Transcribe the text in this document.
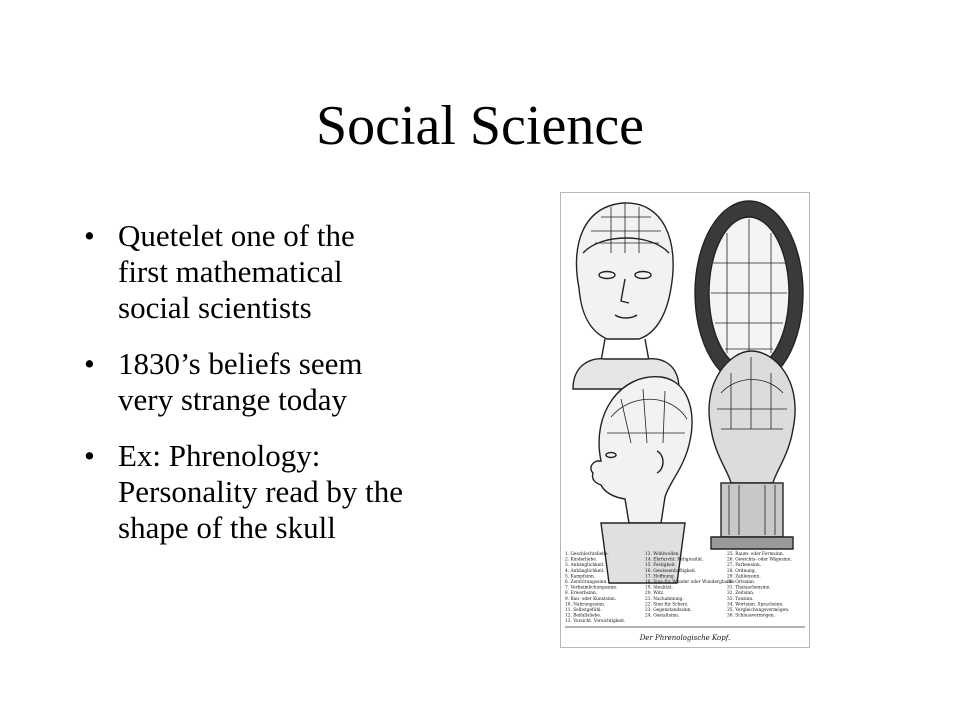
Social Science
• Quetelet one of the
first mathematical
social scientists
• 1830’s beliefs seem
very strange today
• Ex: Phrenology:
Personality read by the
shape of the skull
1. Geschlechtsliebe. 2. Kinderliebe. 3. Anhänglichkeit. 4. Anhänglichkeit. 5. Kampfsinn. 6. Zerstörungssinn. 7. Verheimlichungssinn. 8. Erwerbsinn. 9. Bau- oder Kunstsinn. 10. Nahrungssinn. 11. Selbstgefühl. 12. Beifallsliebe. 13. Vorsicht. Vorsichtigkeit.
13. Wohlwollen. 14. Ehrfurcht. Religiosität. 15. Festigkeit. 16. Gewissenhaftigkeit. 17. Hoffnung. 18. Sinn für Wunder oder Wunderglaube. 19. Idealität. 20. Witz. 21. Nachahmung. 22. Sinn für Scherz. 23. Gegenstandssinn. 24. Gestaltsinn.
25. Raum- oder Formsinn. 26. Gewichts- oder Wägesinn. 27. Farbensinn. 28. Ordnung. 29. Zahlensinn. 30. Ortssinn. 31. Thatsachensinn. 32. Zeitsinn. 33. Tonsinn. 34. Wortsinn. Sprachsinn. 35. Vergleichungsvermögen. 36. Schlussvermögen.
Der Phrenologische Kopf.
